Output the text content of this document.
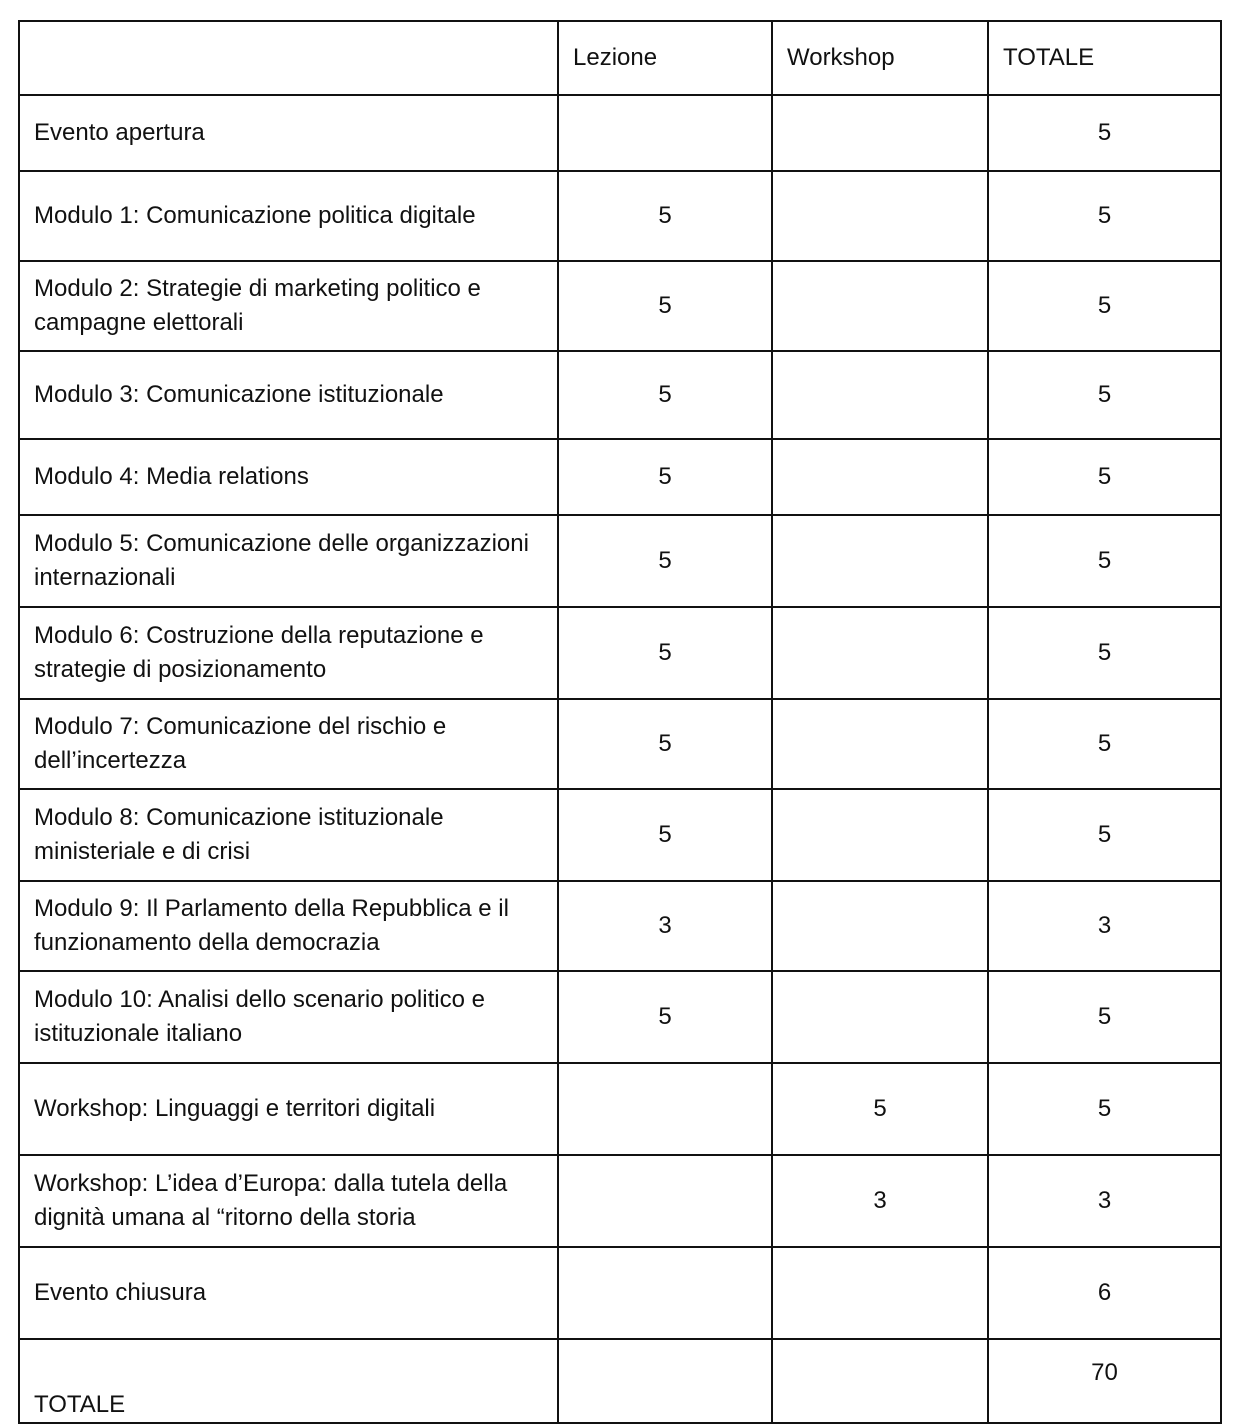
	Lezione	Workshop	TOTALE
Evento apertura			5
Modulo 1: Comunicazione politica digitale	5		5
Modulo 2: Strategie di marketing politico e campagne elettorali	5		5
Modulo 3: Comunicazione istituzionale	5		5
Modulo 4: Media relations	5		5
Modulo 5: Comunicazione delle organizzazioni internazionali	5		5
Modulo 6: Costruzione della reputazione e strategie di posizionamento	5		5
Modulo 7: Comunicazione del rischio e dell’incertezza	5		5
Modulo 8: Comunicazione istituzionale ministeriale e di crisi	5		5
Modulo 9: Il Parlamento della Repubblica e il funzionamento della democrazia	3		3
Modulo 10: Analisi dello scenario politico e istituzionale italiano	5		5
Workshop: Linguaggi e territori digitali		5	5
Workshop: L’idea d’Europa: dalla tutela della dignità umana al “ritorno della storia		3	3
Evento chiusura			6
TOTALE			70
